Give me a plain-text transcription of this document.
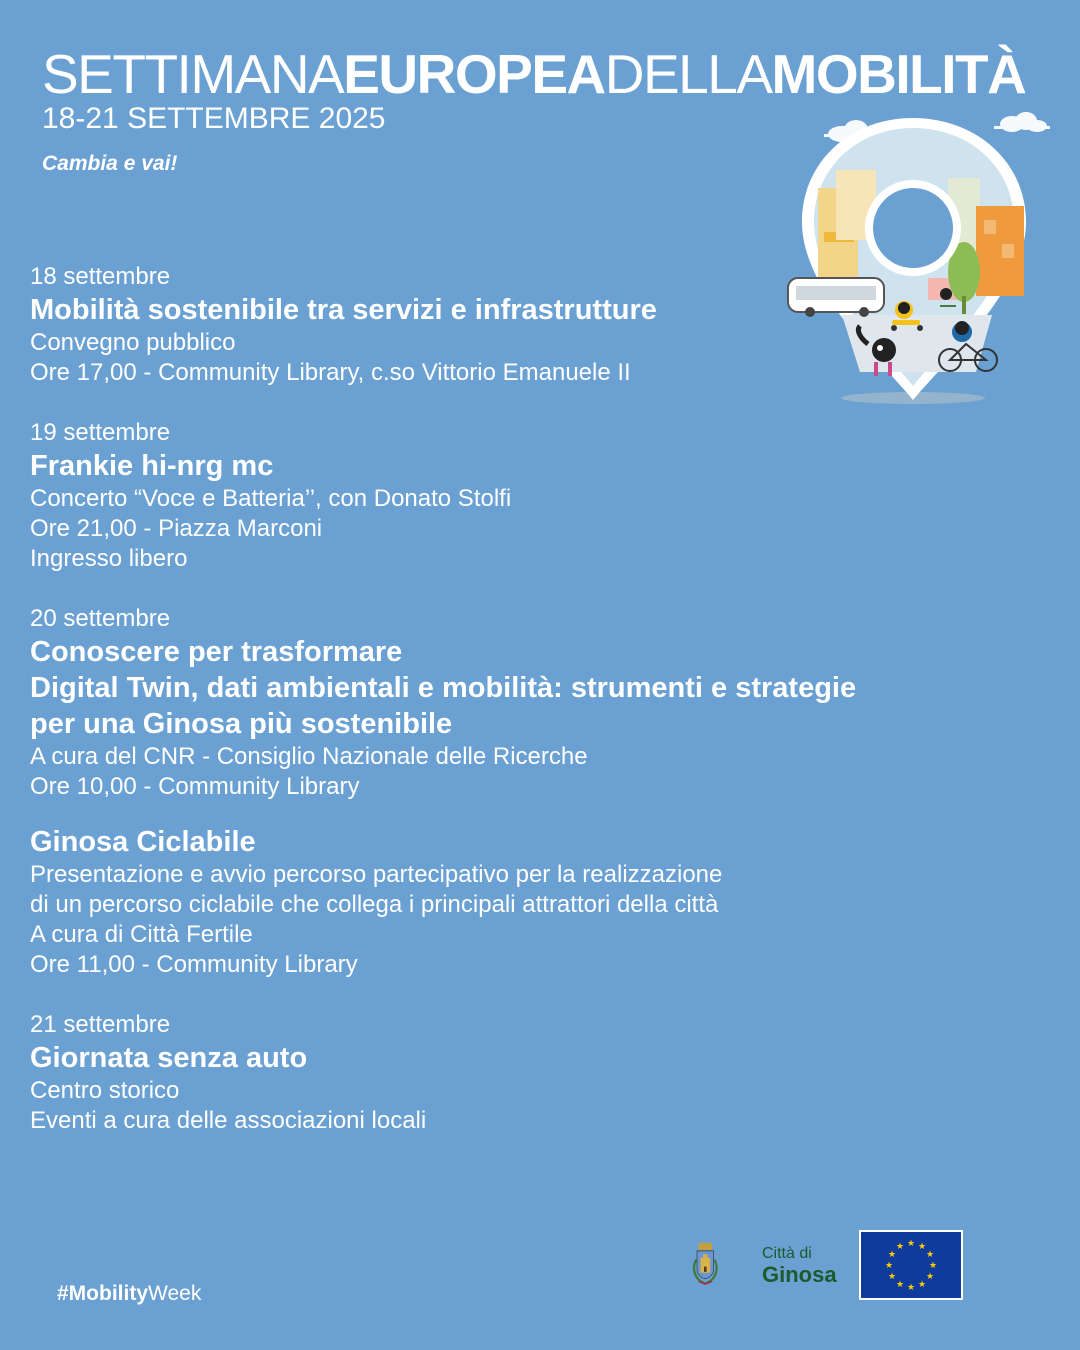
SETTIMANAEUROPEADELLAMOBILITÀ
18-21 SETTEMBRE 2025
Cambia e vai!
18 settembre
Mobilità sostenibile tra servizi e infrastrutture
Convegno pubblico
Ore 17,00 - Community Library, c.so Vittorio Emanuele II
19 settembre
Frankie hi-nrg mc
Concerto “Voce e Batteria’’, con Donato Stolfi
Ore 21,00 - Piazza Marconi
Ingresso libero
20 settembre
Conoscere per trasformare
Digital Twin, dati ambientali e mobilità: strumenti e strategie
per una Ginosa più sostenibile
A cura del CNR - Consiglio Nazionale delle Ricerche
Ore 10,00 - Community Library
Ginosa Ciclabile
Presentazione e avvio percorso partecipativo per la realizzazione
di un percorso ciclabile che collega i principali attrattori della città
A cura di Città Fertile
Ore 11,00 - Community Library
21 settembre
Giornata senza auto
Centro storico
Eventi a cura delle associazioni locali
#MobilityWeek
Città di
Ginosa
★ ★
★
★
★
★
★
★
★
★
★
★
